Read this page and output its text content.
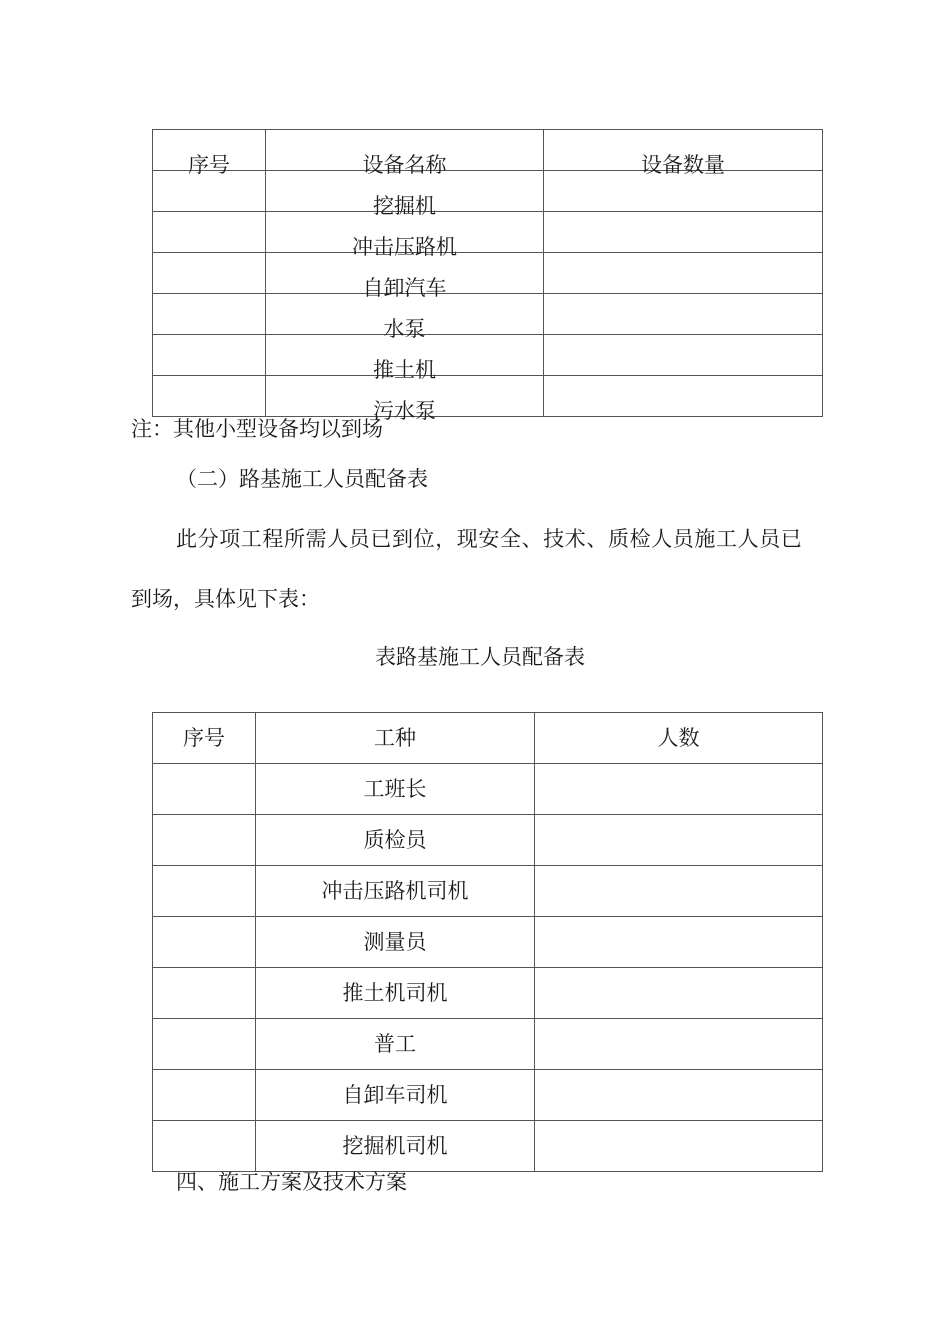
序号	设备名称	设备数量
	挖掘机	
	冲击压路机	
	自卸汽车	
	水泵	
	推土机	
	污水泵	
注：其他小型设备均以到场
（二）路基施工人员配备表
此分项工程所需人员已到位，现安全、技术、质检人员施工人员已
到场，具体见下表：
表路基施工人员配备表
序号	工种	人数
	工班长	
	质检员	
	冲击压路机司机	
	测量员	
	推土机司机	
	普工	
	自卸车司机	
	挖掘机司机	
四、施工方案及技术方案
